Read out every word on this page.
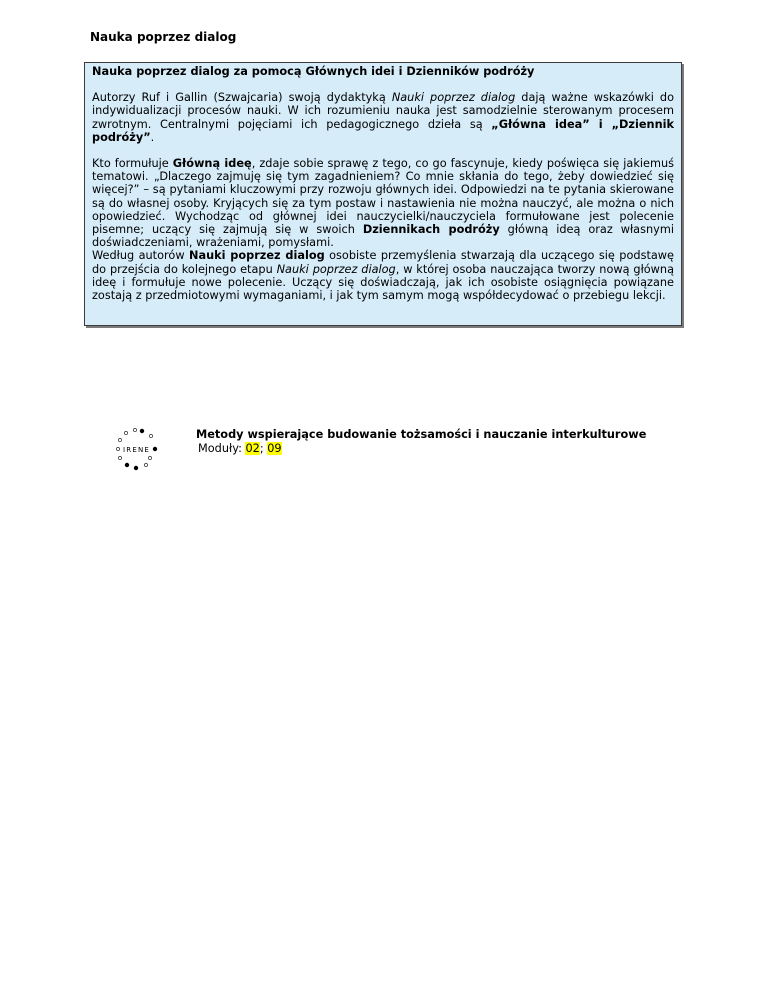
Nauka poprzez dialog
Nauka poprzez dialog za pomocą Głównych idei i Dzienników podróży

Autorzy Ruf i Gallin (Szwajcaria) swoją dydaktyką Nauki poprzez dialog dają ważne wskazówki do indywidualizacji procesów nauki. W ich rozumieniu nauka jest samodzielnie sterowanym procesem zwrotnym. Centralnymi pojęciami ich pedagogicznego dzieła są „Główna idea” i „Dziennik podróży”.

Kto formułuje Główną ideę, zdaje sobie sprawę z tego, co go fascynuje, kiedy poświęca się jakiemuś tematowi. „Dlaczego zajmuję się tym zagadnieniem? Co mnie skłania do tego, żeby dowiedzieć się więcej?” – są pytaniami kluczowymi przy rozwoju głównych idei. Odpowiedzi na te pytania skierowane są do własnej osoby. Kryjących się za tym postaw i nastawienia nie można nauczyć, ale można o nich opowiedzieć. Wychodząc od głównej idei nauczycielki/nauczyciela formułowane jest polecenie pisemne; uczący się zajmują się w swoich Dziennikach podróży główną ideą oraz własnymi doświadczeniami, wrażeniami, pomysłami.

Według autorów Nauki poprzez dialog osobiste przemyślenia stwarzają dla uczącego się podstawę do przejścia do kolejnego etapu Nauki poprzez dialog, w której osoba nauczająca tworzy nową główną ideę i formułuje nowe polecenie. Uczący się doświadczają, jak ich osobiste osiągnięcia powiązane zostają z przedmiotowymi wymaganiami, i jak tym samym mogą współdecydować o przebiegu lekcji.

IRENE
Metody wspierające budowanie tożsamości i nauczanie interkulturowe
Moduły: 02; 09
